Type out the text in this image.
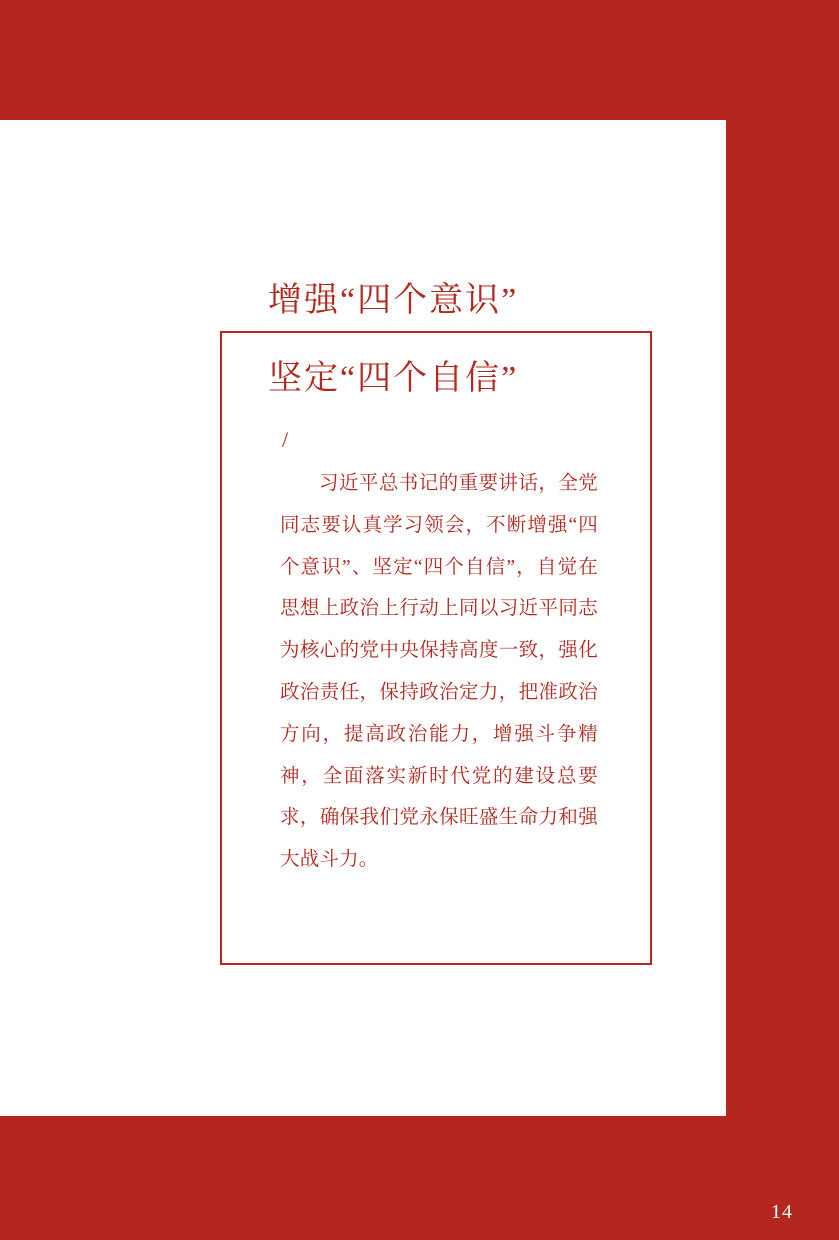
增强“四个意识”
坚定“四个自信”
/
习近平总书记的重要讲话，全党同志要认真学习领会，不断增强“四个意识”、坚定“四个自信”，自觉在思想上政治上行动上同以习近平同志为核心的党中央保持高度一致，强化政治责任，保持政治定力，把准政治方向，提高政治能力，增强斗争精神，全面落实新时代党的建设总要求，确保我们党永保旺盛生命力和强大战斗力。
14
